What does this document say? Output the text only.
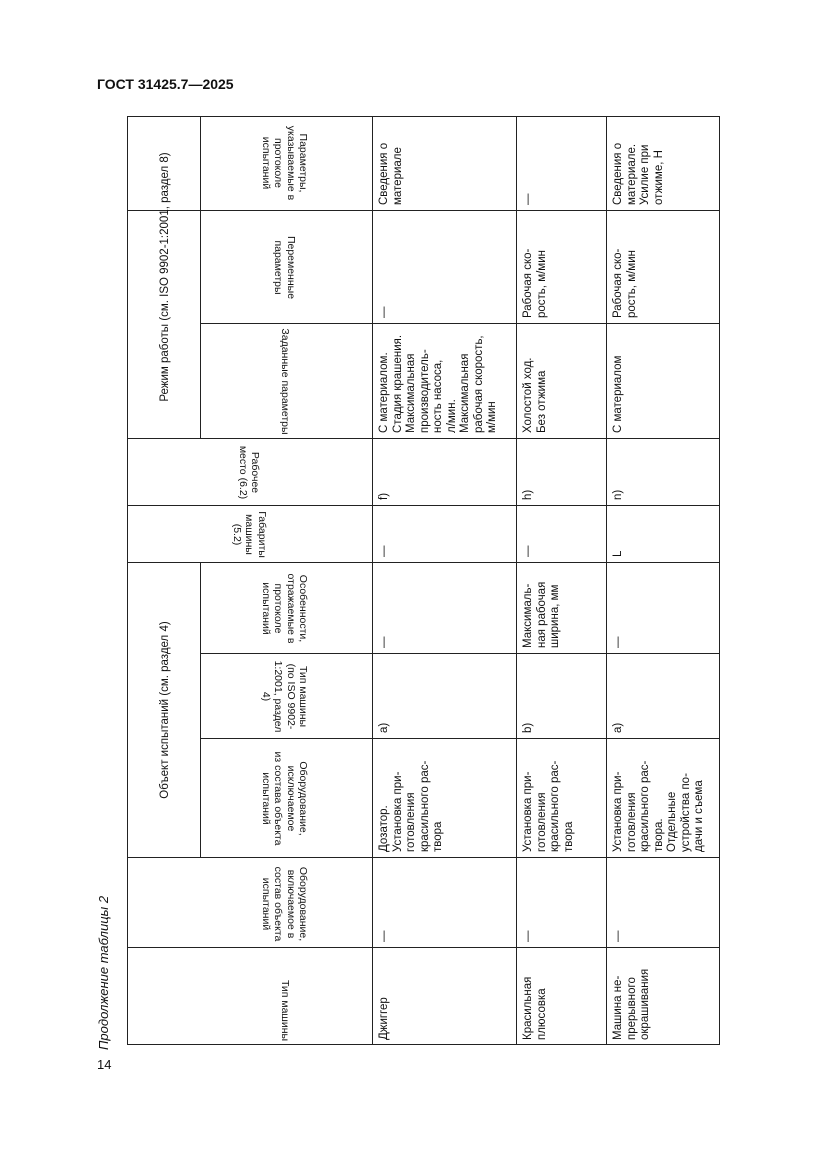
ГОСТ 31425.7—2025
Продолжение таблицы 2
14
Тип машины
Оборудование, включаемое в
состав объекта испытаний
Оборудование, исключаемое
из состава объекта
испытаний
Тип машины (по ISO 9902-
1:2001, раздел 4)
Особенности, отражаемые в
протоколе испытаний
Габариты машины (5.2)
Рабочее место (6.2)
Заданные параметры
Переменные параметры
Параметры, указываемые в
протоколе испытаний
Объект испытаний (см. раздел 4)
Режим работы (см. ISO 9902-1:2001, раздел 8)
Джиггер
—
Дозатор.
Установка при-
готовления
красильного рас-
твора
a)
—
—
f)
С материалом.
Стадия крашения.
Максимальная
производитель-
ность насоса,
л/мин.
Максимальная
рабочая скорость,
м/мин
—
Сведения о
материале
Красильная
плюсовка
—
Установка при-
готовления
красильного рас-
твора
b)
Максималь-
ная рабочая
ширина, мм
—
h)
Холостой ход.
Без отжима
Рабочая ско-
рость, м/мин
—
Машина не-
прерывного
окрашивания
—
Установка при-
готовления
красильного рас-
твора.
Отдельные
устройства по-
дачи и съема
a)
—
L
n)
С материалом
Рабочая ско-
рость, м/мин
Сведения о
материале.
Усилие при
отжиме, Н
